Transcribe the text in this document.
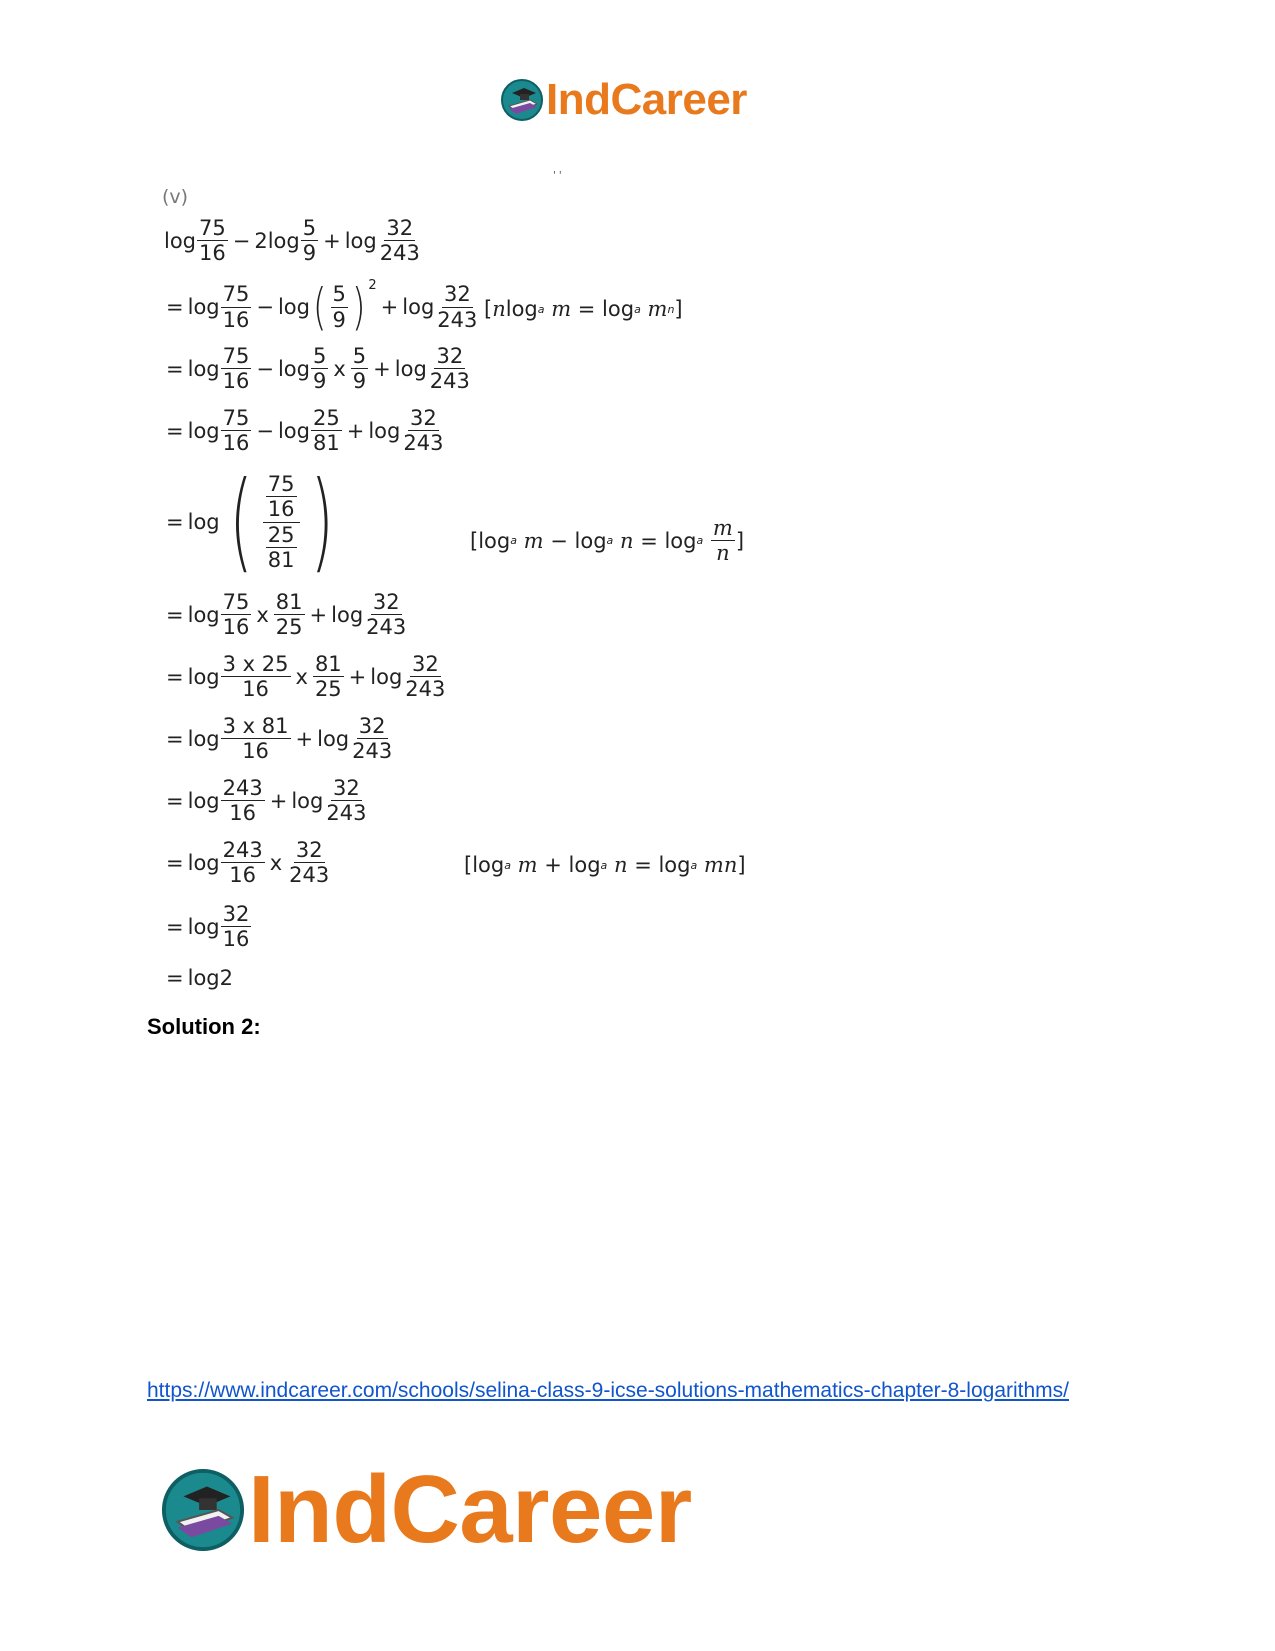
IndCareer
' '
(v)
$\log \frac{75}{16} - 2\log \frac{5}{9} + \log \frac{32}{243}$
= $\log \frac{75}{16} - \log$ ( $\frac{5}{9}$ ) 2
+ $\log \frac{32}{243}$ [ n log a
m = log a
m n ]
= $\log \frac{75}{16} - \log \frac{5}{9}$ x $\frac{5}{9} + \log \frac{32}{243}$
= $\log \frac{75}{16} - \log \frac{25}{81} + \log \frac{32}{243}$
= log ( $\frac{\frac{75}{16}}{\frac{25}{81}}$ )	[log a
m − log a
n = log a
$\frac{m}{n}$ ]
= $\log \frac{75}{16}$ x $\frac{81}{25} + \log \frac{32}{243}$
= $\log \frac{3 x 25}{16}$ x $\frac{81}{25} + \log \frac{32}{243}$
= $\log \frac{3 x 81}{16} + \log \frac{32}{243}$
= $\log \frac{243}{16} + \log \frac{32}{243}$
= $\log \frac{243}{16}$ x $\frac{32}{243}$	[log a
m + log a
n = log a
mn ]
= $\log \frac{32}{16}$
= log 2
Solution 2:
https://www.indcareer.com/schools/selina-class-9-icse-solutions-mathematics-chapter-8-logarithms/
IndCareer
